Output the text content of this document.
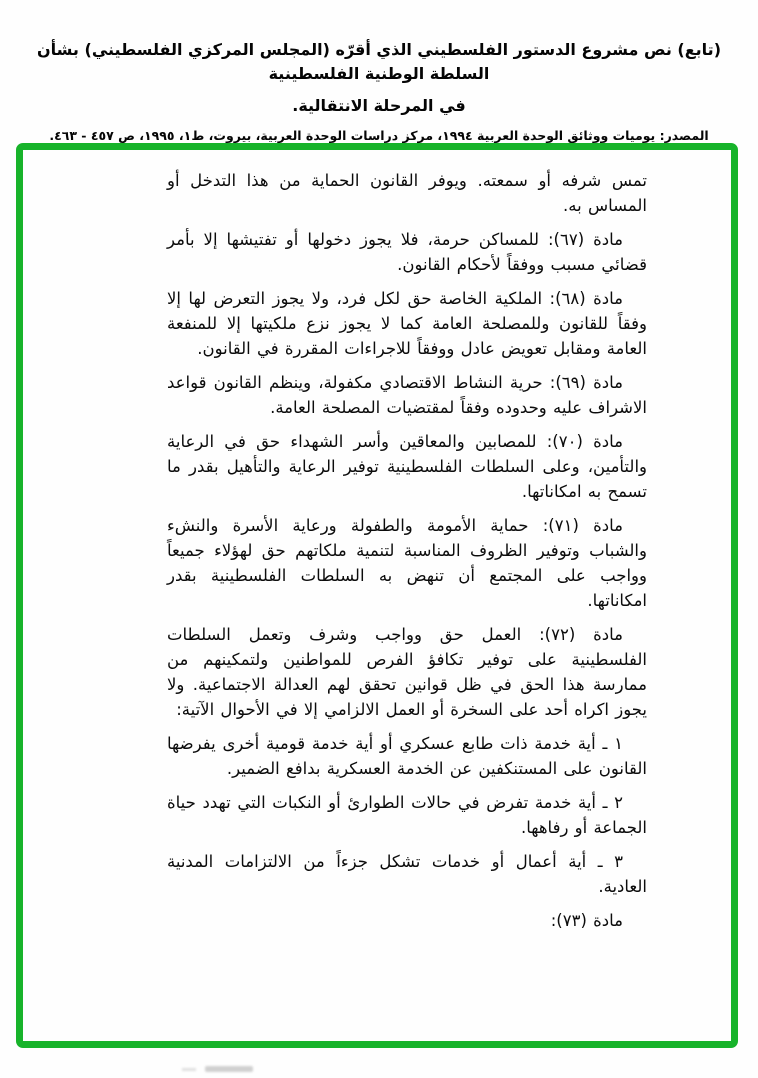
(تابع) نص مشروع الدستور الفلسطيني الذي أقرّه (المجلس المركزي الفلسطيني) بشأن السلطة الوطنية الفلسطينية
في المرحلة الانتقالية.
المصدر: يوميات ووثائق الوحدة العربية ١٩٩٤، مركز دراسات الوحدة العربية، بيروت، ط١، ١٩٩٥، ص ٤٥٧ - ٤٦٣.

تمس شرفه أو سمعته. ويوفر القانون الحماية من هذا التدخل أو المساس به.

مادة (٦٧): للمساكن حرمة، فلا يجوز دخولها أو تفتيشها إلا بأمر قضائي مسبب ووفقاً لأحكام القانون.

مادة (٦٨): الملكية الخاصة حق لكل فرد، ولا يجوز التعرض لها إلا وفقاً للقانون وللمصلحة العامة كما لا يجوز نزع ملكيتها إلا للمنفعة العامة ومقابل تعويض عادل ووفقاً للاجراءات المقررة في القانون.

مادة (٦٩): حرية النشاط الاقتصادي مكفولة، وينظم القانون قواعد الاشراف عليه وحدوده وفقاً لمقتضيات المصلحة العامة.

مادة (٧٠): للمصابين والمعاقين وأسر الشهداء حق في الرعاية والتأمين، وعلى السلطات الفلسطينية توفير الرعاية والتأهيل بقدر ما تسمح به امكاناتها.

مادة (٧١): حماية الأمومة والطفولة ورعاية الأسرة والنشء والشباب وتوفير الظروف المناسبة لتنمية ملكاتهم حق لهؤلاء جميعاً وواجب على المجتمع أن تنهض به السلطات الفلسطينية بقدر امكاناتها.

مادة (٧٢): العمل حق وواجب وشرف وتعمل السلطات الفلسطينية على توفير تكافؤ الفرص للمواطنين ولتمكينهم من ممارسة هذا الحق في ظل قوانين تحقق لهم العدالة الاجتماعية. ولا يجوز اكراه أحد على السخرة أو العمل الالزامي إلا في الأحوال الآتية:

١ ـ أية خدمة ذات طابع عسكري أو أية خدمة قومية أخرى يفرضها القانون على المستنكفين عن الخدمة العسكرية بدافع الضمير.

٢ ـ أية خدمة تفرض في حالات الطوارئ أو النكبات التي تهدد حياة الجماعة أو رفاهها.

٣ ـ أية أعمال أو خدمات تشكل جزءاً من الالتزامات المدنية العادية.

مادة (٧٣):
